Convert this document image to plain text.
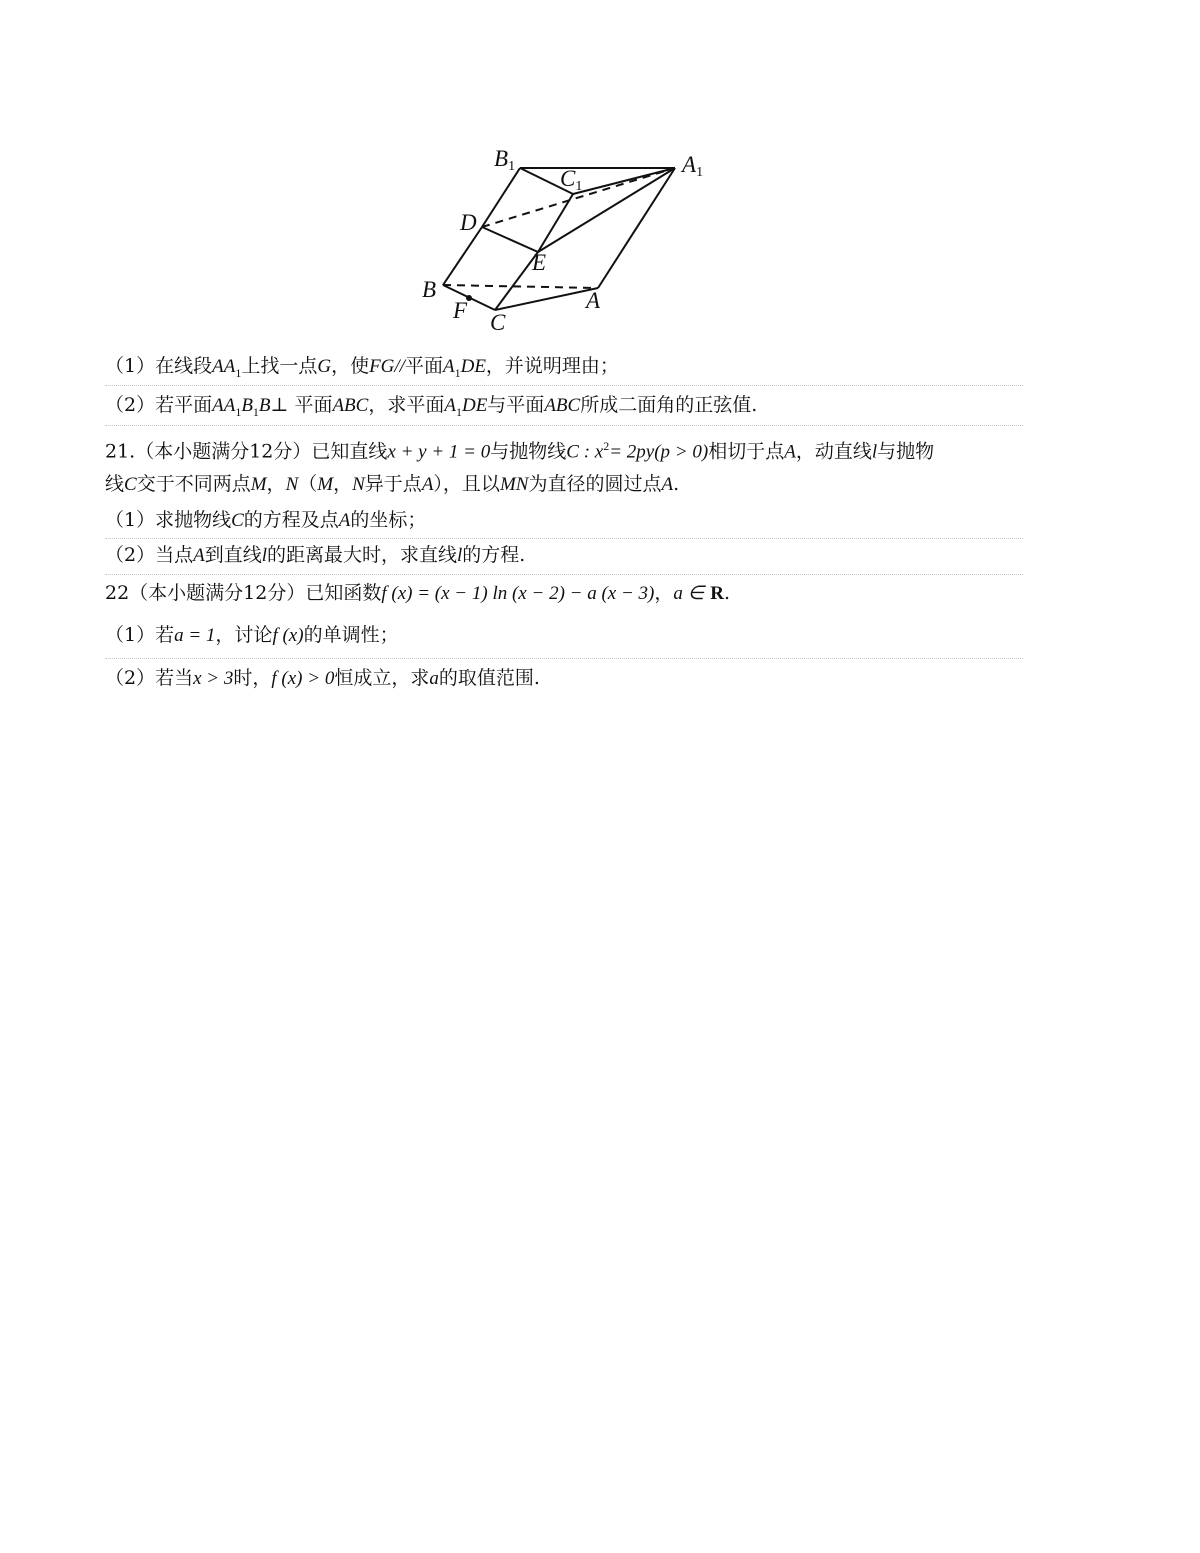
B1	A1
C1
D
E
B
F C
A
（1）在线段$AA_1$上找一点G，使FG//平面$A_1DE$，并说明理由；
（2）若平面$AA_1B_1B\perp$ 平面ABC，求平面$A_1DE$与平面ABC所成二面角的正弦值.
21.（本小题满分12分）已知直线x + y + 1 = 0与抛物线C : $x^2= 2py(p > 0)$相切于点A，动直线l与抛物
线C交于不同两点M，N（M，N异于点A），且以MN为直径的圆过点A.
（1）求抛物线C的方程及点A的坐标；
（2）当点A到直线l的距离最大时，求直线l的方程.
22（本小题满分12分）已知函数f (x) = (x − 1) ln (x − 2) − a (x − 3)，a ∈ R.
（1）若a = 1，讨论f (x)的单调性；
（2）若当x > 3时，f (x) > 0恒成立，求a的取值范围.
